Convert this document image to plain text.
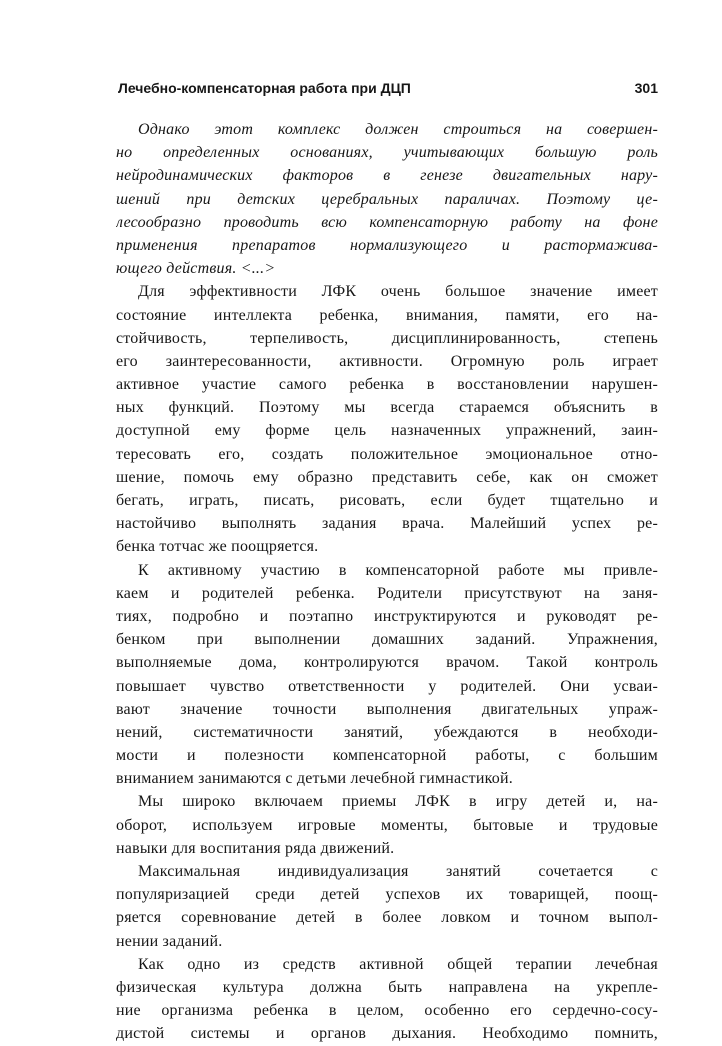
Лечебно-компенсаторная работа при ДЦП	301
Однако этот комплекс должен строиться на совершен-
но определенных основаниях, учитывающих большую роль
нейродинамических факторов в генезе двигательных нару-
шений при детских церебральных параличах. Поэтому це-
лесообразно проводить всю компенсаторную работу на фоне
применения препаратов нормализующего и растормажива-
ющего действия. <...>
Для эффективности ЛФК очень большое значение имеет
состояние интеллекта ребенка, внимания, памяти, его на-
стойчивость, терпеливость, дисциплинированность, степень
его заинтересованности, активности. Огромную роль играет
активное участие самого ребенка в восстановлении нарушен-
ных функций. Поэтому мы всегда стараемся объяснить в
доступной ему форме цель назначенных упражнений, заин-
тересовать его, создать положительное эмоциональное отно-
шение, помочь ему образно представить себе, как он сможет
бегать, играть, писать, рисовать, если будет тщательно и
настойчиво выполнять задания врача. Малейший успех ре-
бенка тотчас же поощряется.
К активному участию в компенсаторной работе мы привле-
каем и родителей ребенка. Родители присутствуют на заня-
тиях, подробно и поэтапно инструктируются и руководят ре-
бенком при выполнении домашних заданий. Упражнения,
выполняемые дома, контролируются врачом. Такой контроль
повышает чувство ответственности у родителей. Они усваи-
вают значение точности выполнения двигательных упраж-
нений, систематичности занятий, убеждаются в необходи-
мости и полезности компенсаторной работы, с большим
вниманием занимаются с детьми лечебной гимнастикой.
Мы широко включаем приемы ЛФК в игру детей и, на-
оборот, используем игровые моменты, бытовые и трудовые
навыки для воспитания ряда движений.
Максимальная индивидуализация занятий сочетается с
популяризацией среди детей успехов их товарищей, поощ-
ряется соревнование детей в более ловком и точном выпол-
нении заданий.
Как одно из средств активной общей терапии лечебная
физическая культура должна быть направлена на укрепле-
ние организма ребенка в целом, особенно его сердечно-сосу-
дистой системы и органов дыхания. Необходимо помнить,
